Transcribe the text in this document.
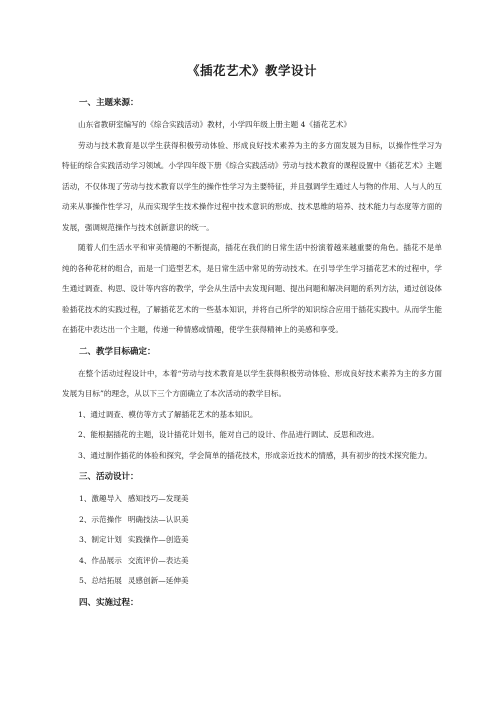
《插花艺术》教学设计
一、主题来源：

山东省教研室编写的《综合实践活动》教材，小学四年级上册主题 4《插花艺术》

劳动与技术教育是以学生获得积极劳动体验、形成良好技术素养为主的多方面发展为目标，以操作性学习为特征的综合实践活动学习领域。小学四年级下册《综合实践活动》劳动与技术教育的课程设置中《插花艺术》主题活动，不仅体现了劳动与技术教育以学生的操作性学习为主要特征，并且强调学生通过人与物的作用、人与人的互动来从事操作性学习，从而实现学生技术操作过程中技术意识的形成、技术思维的培养、技术能力与态度等方面的发展，强调规范操作与技术创新意识的统一。

随着人们生活水平和审美情趣的不断提高，插花在我们的日常生活中扮演着越来越重要的角色。插花不是单纯的各种花材的组合，而是一门造型艺术，是日常生活中常见的劳动技术。在引导学生学习插花艺术的过程中，学生通过调查、构思、设计等内容的教学，学会从生活中去发现问题、提出问题和解决问题的系列方法，通过创设体验插花技术的实践过程，了解插花艺术的一些基本知识，并将自己所学的知识综合应用于插花实践中。从而学生能在插花中表达出一个主题，传递一种情感或情趣，使学生获得精神上的美感和享受。

二、教学目标确定：

在整个活动过程设计中，本着“劳动与技术教育是以学生获得积极劳动体验、形成良好技术素养为主的多方面发展为目标”的理念，从以下三个方面确立了本次活动的教学目标。

1、通过调查、模仿等方式了解插花艺术的基本知识。

2、能根据插花的主题，设计插花计划书，能对自己的设计、作品进行调试、反思和改进。

3、通过制作插花的体验和探究，学会简单的插花技术，形成亲近技术的情感，具有初步的技术探究能力。

三、活动设计：
1、激趣导入 感知技巧—发现美
2、示范操作 明确技法—认识美
3、制定计划 实践操作—创造美
4、作品展示 交流评价—表达美
5、总结拓展 灵感创新—延伸美
四、实施过程：
